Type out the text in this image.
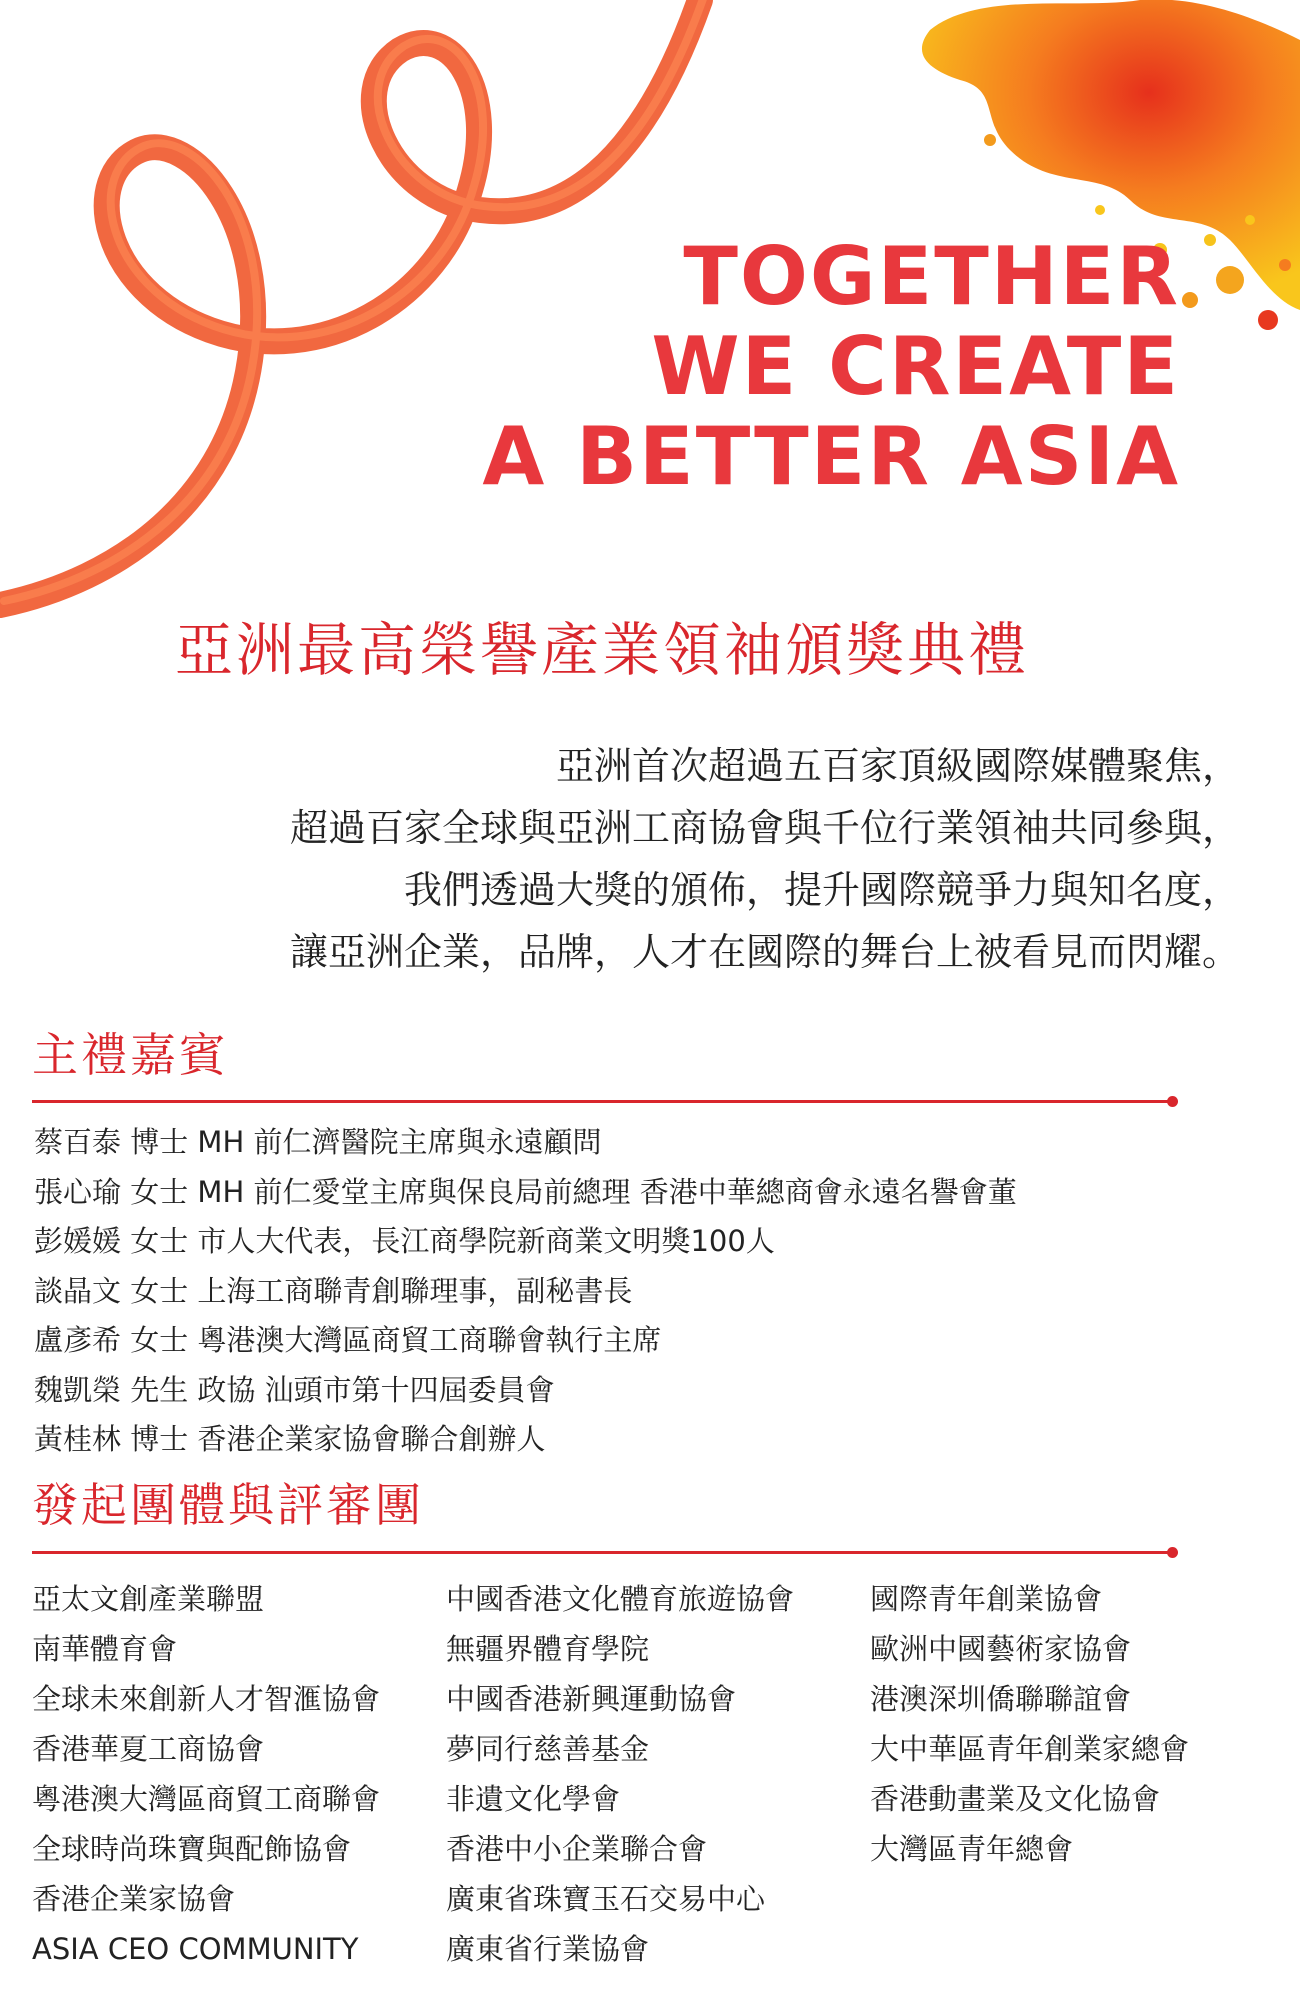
TOGETHER
WE CREATE
A BETTER ASIA
亞洲最高榮譽產業領袖頒獎典禮
亞洲首次超過五百家頂級國際媒體聚焦，
超過百家全球與亞洲工商協會與千位行業領袖共同參與，
我們透過大獎的頒佈，提升國際競爭力與知名度，
讓亞洲企業，品牌，人才在國際的舞台上被看見而閃耀。
主禮嘉賓
蔡百泰 博士 MH 前仁濟醫院主席與永遠顧問
張心瑜 女士 MH 前仁愛堂主席與保良局前總理 香港中華總商會永遠名譽會董
彭媛媛 女士 市人大代表，長江商學院新商業文明獎100人
談晶文 女士 上海工商聯青創聯理事，副秘書長
盧彥希 女士 粵港澳大灣區商貿工商聯會執行主席
魏凱榮 先生 政協 汕頭市第十四屆委員會
黃桂林 博士 香港企業家協會聯合創辦人
發起團體與評審團
亞太文創產業聯盟
南華體育會
全球未來創新人才智滙協會
香港華夏工商協會
粵港澳大灣區商貿工商聯會
全球時尚珠寶與配飾協會
香港企業家協會
ASIA CEO COMMUNITY
中國香港文化體育旅遊協會
無疆界體育學院
中國香港新興運動協會
夢同行慈善基金
非遺文化學會
香港中小企業聯合會
廣東省珠寶玉石交易中心
廣東省行業協會
國際青年創業協會
歐洲中國藝術家協會
港澳深圳僑聯聯誼會
大中華區青年創業家總會
香港動畫業及文化協會
大灣區青年總會
